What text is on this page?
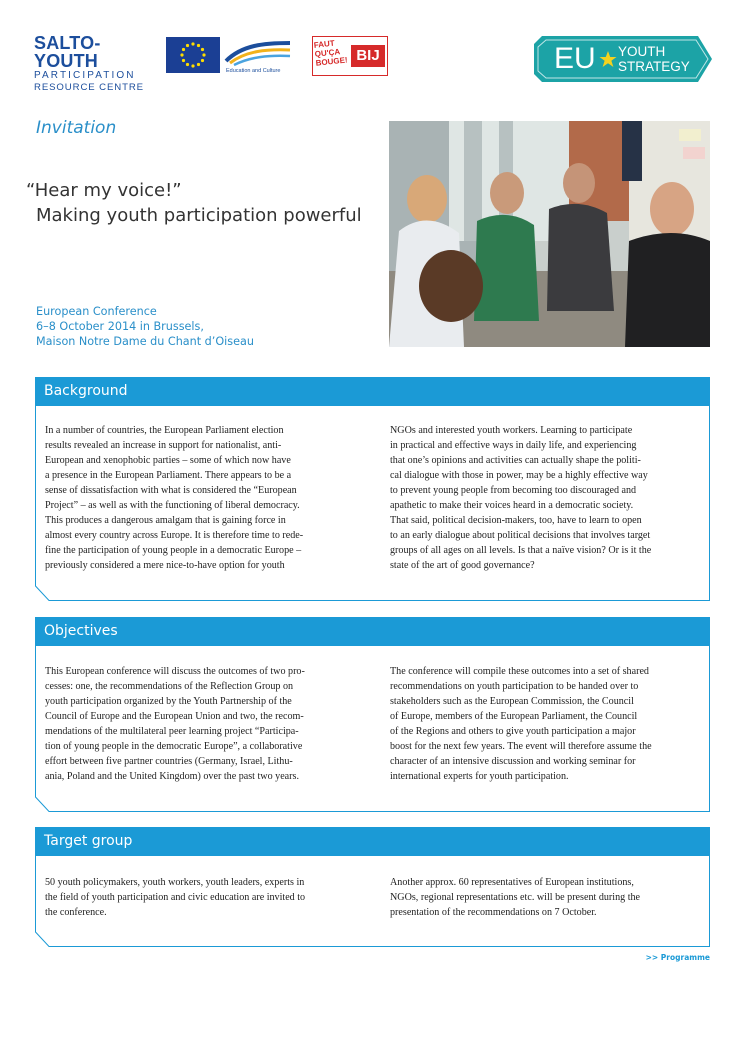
SALTO-YOUTH
PARTICIPATION
RESOURCE CENTRE
Education and Culture
FAUT
QU'ÇA
BOUGE! BIJ	EU YOUTH
STRATEGY
Invitation
“Hear my voice!”
Making youth participation powerful
European Conference
6–8 October 2014 in Brussels,
Maison Notre Dame du Chant d’Oiseau
Background
In a number of countries, the European Parliament election
results revealed an increase in support for nationalist, anti-
European and xenophobic parties – some of which now have
a presence in the European Parliament. There appears to be a
sense of dissatisfaction with what is considered the “European
Project” – as well as with the functioning of liberal democracy.
This produces a dangerous amalgam that is gaining force in
almost every country across Europe. It is therefore time to rede-
fine the participation of young people in a democratic Europe –
previously considered a mere nice-to-have option for youth
NGOs and interested youth workers. Learning to participate
in practical and effective ways in daily life, and experiencing
that one’s opinions and activities can actually shape the politi-
cal dialogue with those in power, may be a highly effective way
to prevent young people from becoming too discouraged and
apathetic to make their voices heard in a democratic society.
That said, political decision-makers, too, have to learn to open
to an early dialogue about political decisions that involves target
groups of all ages on all levels. Is that a naïve vision? Or is it the
state of the art of good governance?
Objectives
This European conference will discuss the outcomes of two pro-
cesses: one, the recommendations of the Reflection Group on
youth participation organized by the Youth Partnership of the
Council of Europe and the European Union and two, the recom-
mendations of the multilateral peer learning project “Participa-
tion of young people in the democratic Europe”, a collaborative
effort between five partner countries (Germany, Israel, Lithu-
ania, Poland and the United Kingdom) over the past two years.
The conference will compile these outcomes into a set of shared
recommendations on youth participation to be handed over to
stakeholders such as the European Commission, the Council
of Europe, members of the European Parliament, the Council
of the Regions and others to give youth participation a major
boost for the next few years. The event will therefore assume the
character of an intensive discussion and working seminar for
international experts for youth participation.
Target group
50 youth policymakers, youth workers, youth leaders, experts in
the field of youth participation and civic education are invited to
the conference.
Another approx. 60 representatives of European institutions,
NGOs, regional representations etc. will be present during the
presentation of the recommendations on 7 October.
>> Programme
